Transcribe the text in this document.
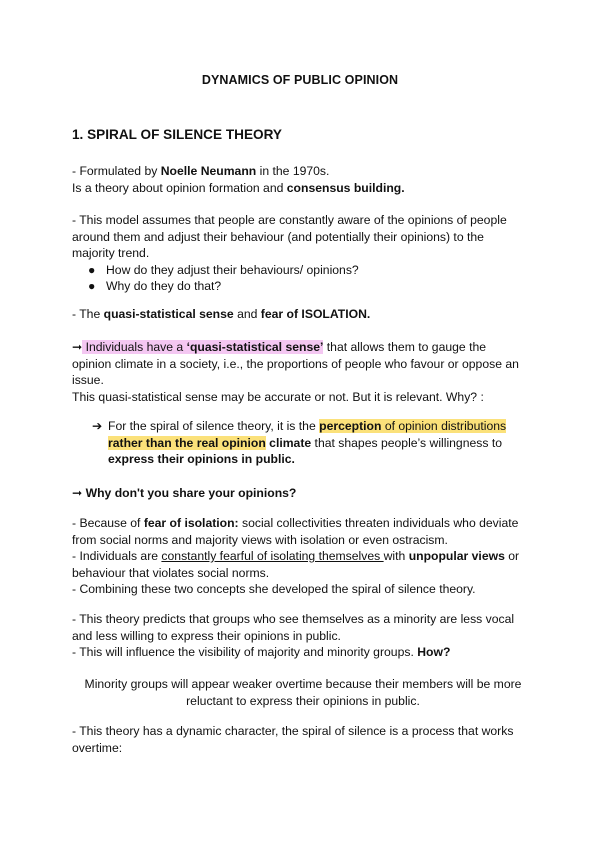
DYNAMICS OF PUBLIC OPINION
1. SPIRAL OF SILENCE THEORY
- Formulated by Noelle Neumann in the 1970s.
Is a theory about opinion formation and consensus building.
- This model assumes that people are constantly aware of the opinions of people around them and adjust their behaviour (and potentially their opinions) to the majority trend.
● How do they adjust their behaviours/ opinions?
● Why do they do that?
- The quasi-statistical sense and fear of ISOLATION.
➞ Individuals have a ‘quasi-statistical sense’ that allows them to gauge the opinion climate in a society, i.e., the proportions of people who favour or oppose an issue.
This quasi-statistical sense may be accurate or not. But it is relevant. Why? :
➔ For the spiral of silence theory, it is the perception of opinion distributions rather than the real opinion climate that shapes people’s willingness to express their opinions in public.
➞ Why don't you share your opinions?
- Because of fear of isolation: social collectivities threaten individuals who deviate from social norms and majority views with isolation or even ostracism.
- Individuals are constantly fearful of isolating themselves with unpopular views or behaviour that violates social norms.
- Combining these two concepts she developed the spiral of silence theory.
- This theory predicts that groups who see themselves as a minority are less vocal and less willing to express their opinions in public.
- This will influence the visibility of majority and minority groups. How?
Minority groups will appear weaker overtime because their members will be more reluctant to express their opinions in public.
- This theory has a dynamic character, the spiral of silence is a process that works overtime:
